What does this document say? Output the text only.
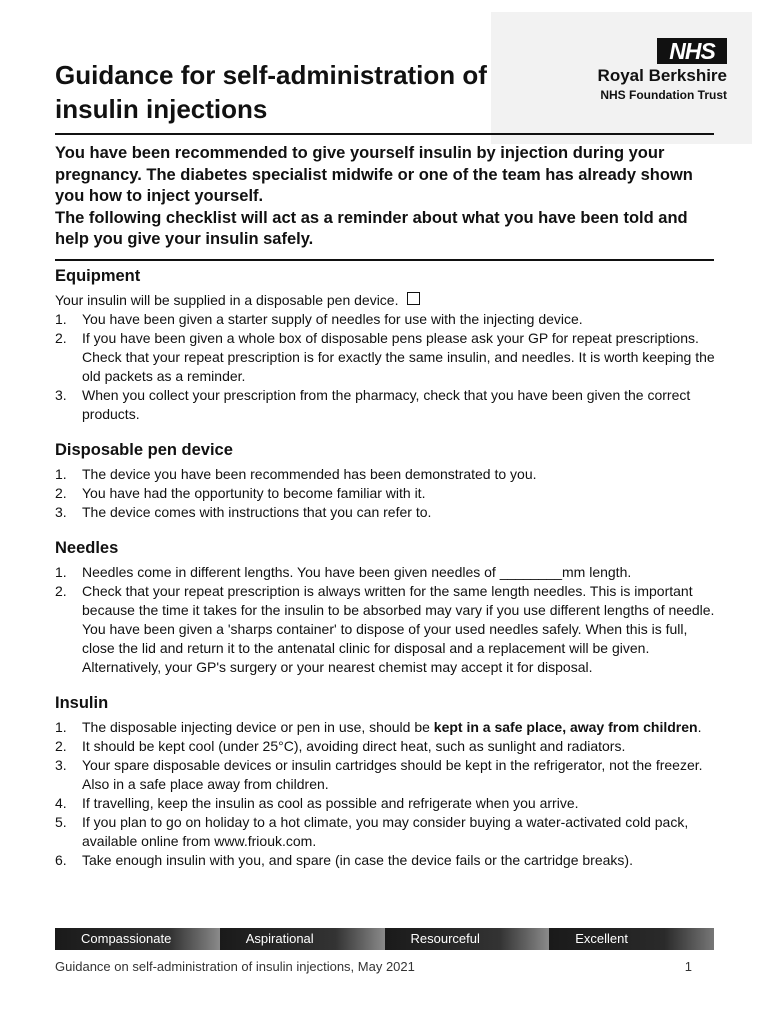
NHS
Royal Berkshire
NHS Foundation Trust
Guidance for self-administration of insulin injections

You have been recommended to give yourself insulin by injection during your pregnancy. The diabetes specialist midwife or one of the team has already shown you how to inject yourself.

The following checklist will act as a reminder about what you have been told and help you give your insulin safely.

Equipment

Your insulin will be supplied in a disposable pen device.

1.	You have been given a starter supply of needles for use with the injecting device.
2.	If you have been given a whole box of disposable pens please ask your GP for repeat prescriptions. Check that your repeat prescription is for exactly the same insulin, and needles. It is worth keeping the old packets as a reminder.
3.	When you collect your prescription from the pharmacy, check that you have been given the correct products.
Disposable pen device
1.	The device you have been recommended has been demonstrated to you.
2.	You have had the opportunity to become familiar with it.
3.	The device comes with instructions that you can refer to.
Needles
1.	Needles come in different lengths. You have been given needles of ________mm length.
2.	Check that your repeat prescription is always written for the same length needles. This is important because the time it takes for the insulin to be absorbed may vary if you use different lengths of needle. You have been given a 'sharps container' to dispose of your used needles safely. When this is full, close the lid and return it to the antenatal clinic for disposal and a replacement will be given. Alternatively, your GP's surgery or your nearest chemist may accept it for disposal.
Insulin
1.	The disposable injecting device or pen in use, should be kept in a safe place, away from children.
2.	It should be kept cool (under 25°C), avoiding direct heat, such as sunlight and radiators.
3.	Your spare disposable devices or insulin cartridges should be kept in the refrigerator, not the freezer. Also in a safe place away from children.
4.	If travelling, keep the insulin as cool as possible and refrigerate when you arrive.
5.	If you plan to go on holiday to a hot climate, you may consider buying a water-activated cold pack, available online from www.friouk.com.
6.	Take enough insulin with you, and spare (in case the device fails or the cartridge breaks).
Compassionate	Aspirational	Resourceful	Excellent
Guidance on self-administration of insulin injections, May 2021	1
